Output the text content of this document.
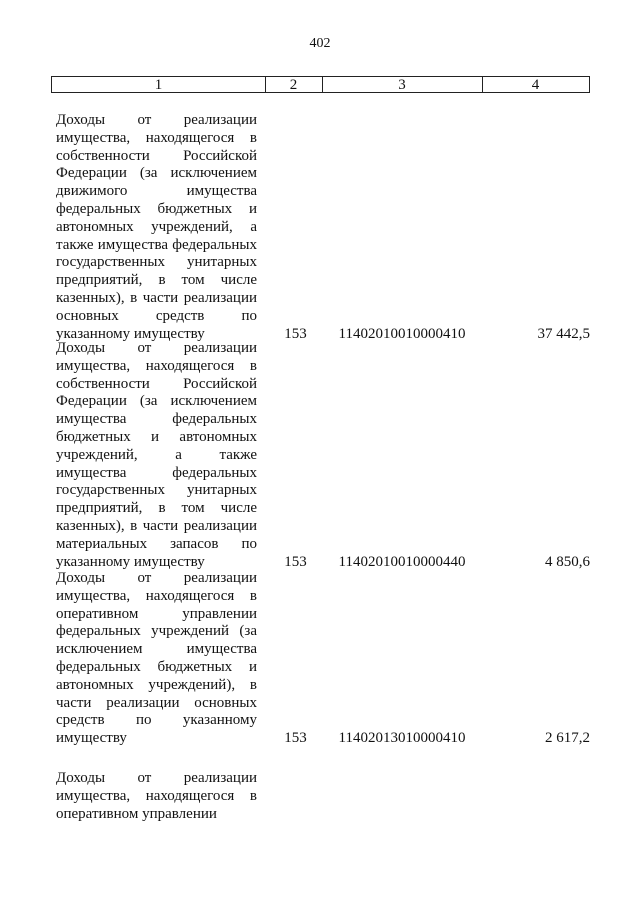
402
1	2	3	4
Доходы от реализации
имущества, находящегося в
собственности Российской
Федерации (за исключением
движимого имущества
федеральных бюджетных и
автономных учреждений, а
также имущества федеральных
государственных унитарных
предприятий, в том числе
казенных), в части реализации
основных средств по
указанному имуществу	153	11402010010000410	37 442,5
Доходы от реализации
имущества, находящегося в
собственности Российской
Федерации (за исключением
имущества федеральных
бюджетных и автономных
учреждений, а также
имущества федеральных
государственных унитарных
предприятий, в том числе
казенных), в части реализации
материальных запасов по
указанному имуществу	153	11402010010000440	4 850,6
Доходы от реализации
имущества, находящегося в
оперативном управлении
федеральных учреждений (за
исключением имущества
федеральных бюджетных и
автономных учреждений), в
части реализации основных
средств по указанному
имуществу	153	11402013010000410	2 617,2
Доходы от реализации
имущества, находящегося в
оперативном управлении
